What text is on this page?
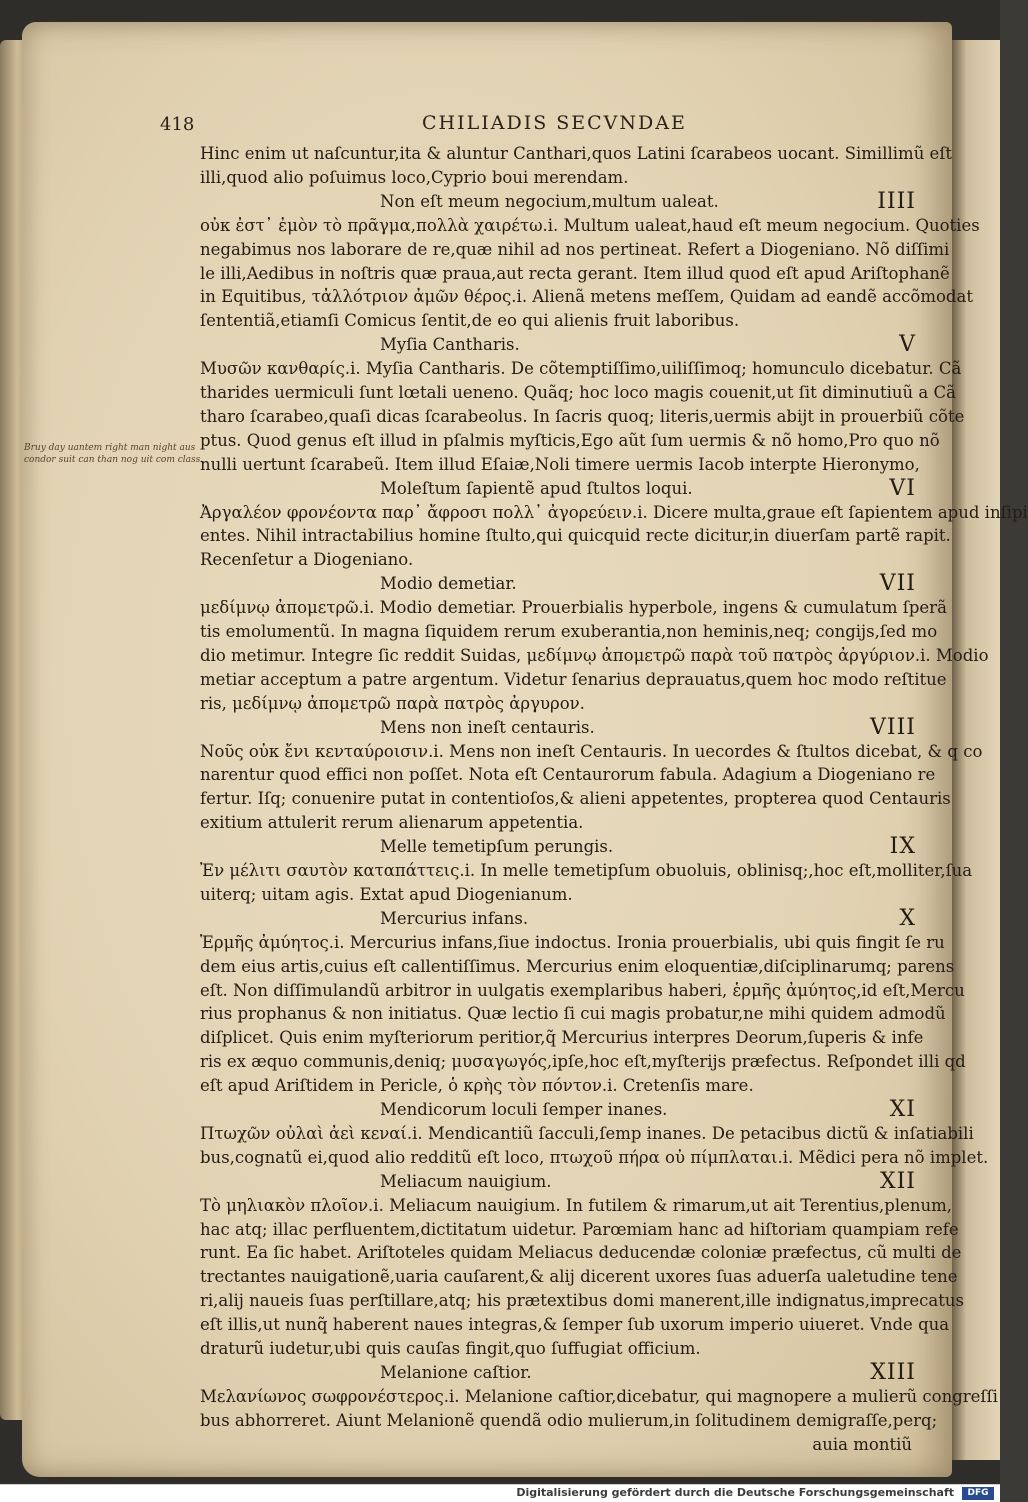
418	CHILIADIS SECVNDAE
Bruy day uantem right man night aus condor suit can than nog uit com class.
Hinc enim ut naſcuntur,ita & aluntur Canthari,quos Latini ſcarabeos uocant. Simillimũ eſt
illi,quod alio poſuimus loco,Cyprio boui merendam.
Non eſt meum negocium,multum ualeat.	IIII
οὐκ ἐστ᾽ ἐμὸν τὸ πρᾶγμα,πολλὰ χαιρέτω.i. Multum ualeat,haud eſt meum negocium. Quoties
negabimus nos laborare de re,quæ nihil ad nos pertineat. Refert a Diogeniano. Nõ diſſimi
le illi,Aedibus in noſtris quæ praua,aut recta gerant. Item illud quod eſt apud Ariſtophanẽ
in Equitibus, τἀλλότριον ἀμῶν θέρος.i. Alienã metens meſſem, Quidam ad eandẽ accõmodat
ſententiã,etiamſi Comicus ſentit,de eo qui alienis fruit laboribus.
Myſia Cantharis.	V
Μυσῶν κανθαρίς.i. Myſia Cantharis. De cõtemptiſſimo,uiliſſimoq; homunculo dicebatur. Cã
tharides uermiculi ſunt lœtali ueneno. Quãq; hoc loco magis couenit,ut ſit diminutiuũ a Cã
tharo ſcarabeo,quaſi dicas ſcarabeolus. In ſacris quoq; literis,uermis abijt in prouerbiũ cõte
ptus. Quod genus eſt illud in pſalmis myſticis,Ego aũt ſum uermis & nõ homo,Pro quo nõ
nulli uertunt ſcarabeũ. Item illud Eſaiæ,Noli timere uermis Iacob interpte Hieronymo,
Moleſtum ſapientẽ apud ſtultos loqui.	VI
Ἀργαλέον φρονέοντα παρ᾽ ἄφροσι πολλ᾽ ἀγορεύειν.i. Dicere multa,graue eſt ſapientem apud inſipi
entes. Nihil intractabilius homine ſtulto,qui quicquid recte dicitur,in diuerſam partẽ rapit.
Recenſetur a Diogeniano.
Modio demetiar.	VII
μεδίμνῳ ἀπομετρῶ.i. Modio demetiar. Prouerbialis hyperbole, ingens & cumulatum ſperã
tis emolumentũ. In magna ſiquidem rerum exuberantia,non heminis,neq; congijs,ſed mo
dio metimur. Integre ſic reddit Suidas, μεδίμνῳ ἀπομετρῶ παρὰ τοῦ πατρὸς ἀργύριον.i. Modio
metiar acceptum a patre argentum. Videtur ſenarius deprauatus,quem hoc modo reſtitue
ris, μεδίμνῳ ἀπομετρῶ παρὰ πατρὸς ἀργυρον.
Mens non ineſt centauris.	VIII
Νοῦς οὐκ ἔνι κενταύροισιν.i. Mens non ineſt Centauris. In uecordes & ſtultos dicebat, & q co
narentur quod effici non poſſet. Nota eſt Centaurorum fabula. Adagium a Diogeniano re
fertur. Iſq; conuenire putat in contentioſos,& alieni appetentes, propterea quod Centauris
exitium attulerit rerum alienarum appetentia.
Melle temetipſum perungis.	IX
Ἐν μέλιτι σαυτὸν καταπάττεις.i. In melle temetipſum obuoluis, oblinisq;,hoc eſt,molliter,ſua
uiterq; uitam agis. Extat apud Diogenianum.
Mercurius infans.	X
Ἑρμῆς ἀμύητος.i. Mercurius infans,ſiue indoctus. Ironia prouerbialis, ubi quis fingit ſe ru
dem eius artis,cuius eſt callentiſſimus. Mercurius enim eloquentiæ,diſciplinarumq; parens
eſt. Non diſſimulandũ arbitror in uulgatis exemplaribus haberi, ἑρμῆς ἀμύητος,id eſt,Mercu
rius prophanus & non initiatus. Quæ lectio ſi cui magis probatur,ne mihi quidem admodũ
diſplicet. Quis enim myſteriorum peritior,q̃ Mercurius interpres Deorum,ſuperis & infe
ris ex æquo communis,deniq; μυσαγωγός,ipſe,hoc eſt,myſterijs præfectus. Reſpondet illi qd
eſt apud Ariſtidem in Pericle, ὁ κρὴς τὸν πόντον.i. Cretenſis mare.
Mendicorum loculi ſemper inanes.	XI
Πτωχῶν οὐλαὶ ἀεὶ κεναί.i. Mendicantiũ ſacculi,ſemp inanes. De petacibus dictũ & inſatiabili
bus,cognatũ ei,quod alio redditũ eſt loco, πτωχοῦ πήρα οὐ πίμπλαται.i. Mẽdici pera nõ implet.
Meliacum nauigium.	XII
Τὸ μηλιακὸν πλοῖον.i. Meliacum nauigium. In futilem & rimarum,ut ait Terentius,plenum,
hac atq; illac perfluentem,dictitatum uidetur. Parœmiam hanc ad hiſtoriam quampiam refe
runt. Ea ſic habet. Ariſtoteles quidam Meliacus deducendæ coloniæ præfectus, cũ multi de
trectantes nauigationẽ,uaria cauſarent,& alij dicerent uxores ſuas aduerſa ualetudine tene
ri,alij naueis ſuas perſtillare,atq; his prætextibus domi manerent,ille indignatus,imprecatus
eſt illis,ut nunq̃ haberent naues integras,& ſemper ſub uxorum imperio uiueret. Vnde qua
draturũ iudetur,ubi quis cauſas fingit,quo ſuffugiat officium.
Melanione caſtior.	XIII
Μελανίωνος σωφρονέστερος.i. Melanione caſtior,dicebatur, qui magnopere a mulierũ congreſſi
bus abhorreret. Aiunt Melanionẽ quendã odio mulierum,in ſolitudinem demigraſſe,perq;
auia montiũ
Digitalisierung gefördert durch die Deutsche Forschungsgemeinschaft	DFG
